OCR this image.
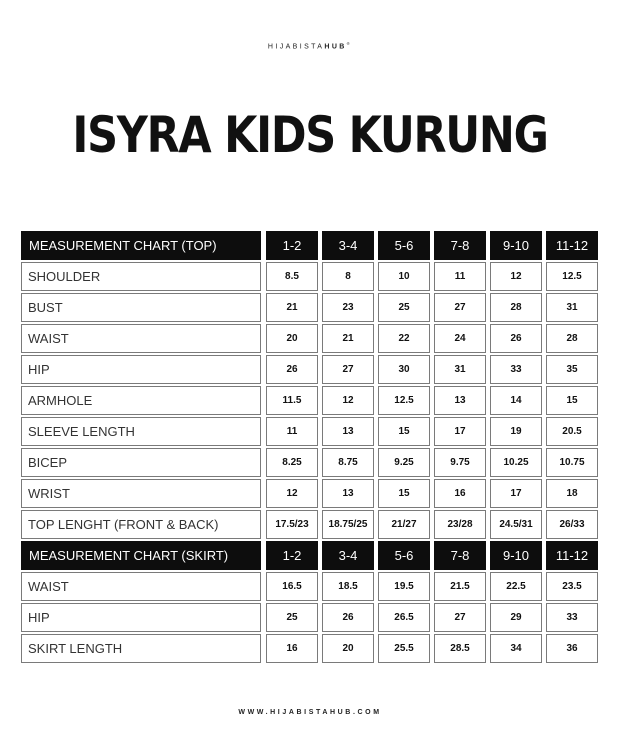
HIJABISTAHUB®
ISYRA KIDS KURUNG
MEASUREMENT CHART (TOP)	1-2	3-4	5-6	7-8	9-10	11-12
SHOULDER	8.5	8	10	11	12	12.5
BUST	21	23	25	27	28	31
WAIST	20	21	22	24	26	28
HIP	26	27	30	31	33	35
ARMHOLE	11.5	12	12.5	13	14	15
SLEEVE LENGTH	11	13	15	17	19	20.5
BICEP	8.25	8.75	9.25	9.75	10.25	10.75
WRIST	12	13	15	16	17	18
TOP LENGHT (FRONT & BACK)	17.5/23	18.75/25	21/27	23/28	24.5/31	26/33
MEASUREMENT CHART (SKIRT)	1-2	3-4	5-6	7-8	9-10	11-12
WAIST	16.5	18.5	19.5	21.5	22.5	23.5
HIP	25	26	26.5	27	29	33
SKIRT LENGTH	16	20	25.5	28.5	34	36
WWW.HIJABISTAHUB.COM
